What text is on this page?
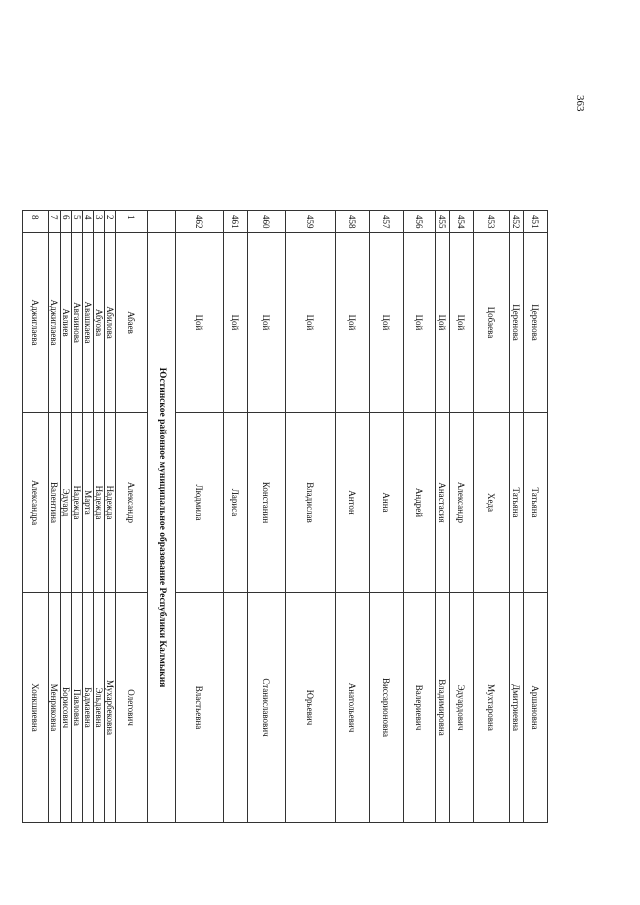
363
451	Церенова	Татьяна	Аршановна
452	Церенова	Татьяна	Дмитриевна
453	Цобаева	Хеда	Мухтаровна
454	Цой	Александр	Эдуардович
455	Цой	Анастасия	Владимировна
456	Цой	Андрей	Валериевич
457	Цой	Анна	Виссарионовна
458	Цой	Антон	Анатольевич
459	Цой	Владислав	Юрьевич
460	Цой	Констанин	Станиславович
461	Цой	Лариса	
462	Цой	Людмила	Властьевна
	Юстинское районное муниципальное образование Республики Калмыкия		
1	Абаев	Александр	Олегович
2	Абилова	Надежда	Мухарбековна
3	Абуова	Надежда	Эльдаевна
4	Авашкаева	Марта	Бадмаевна
5	Авгаинова	Надежда	Павловна
6	Авлиев	Эдуард	Борисович
7	Аджиглаева	Валентина	Менриковна
8	Аджиглаева	Александра	Хонкшиевна
